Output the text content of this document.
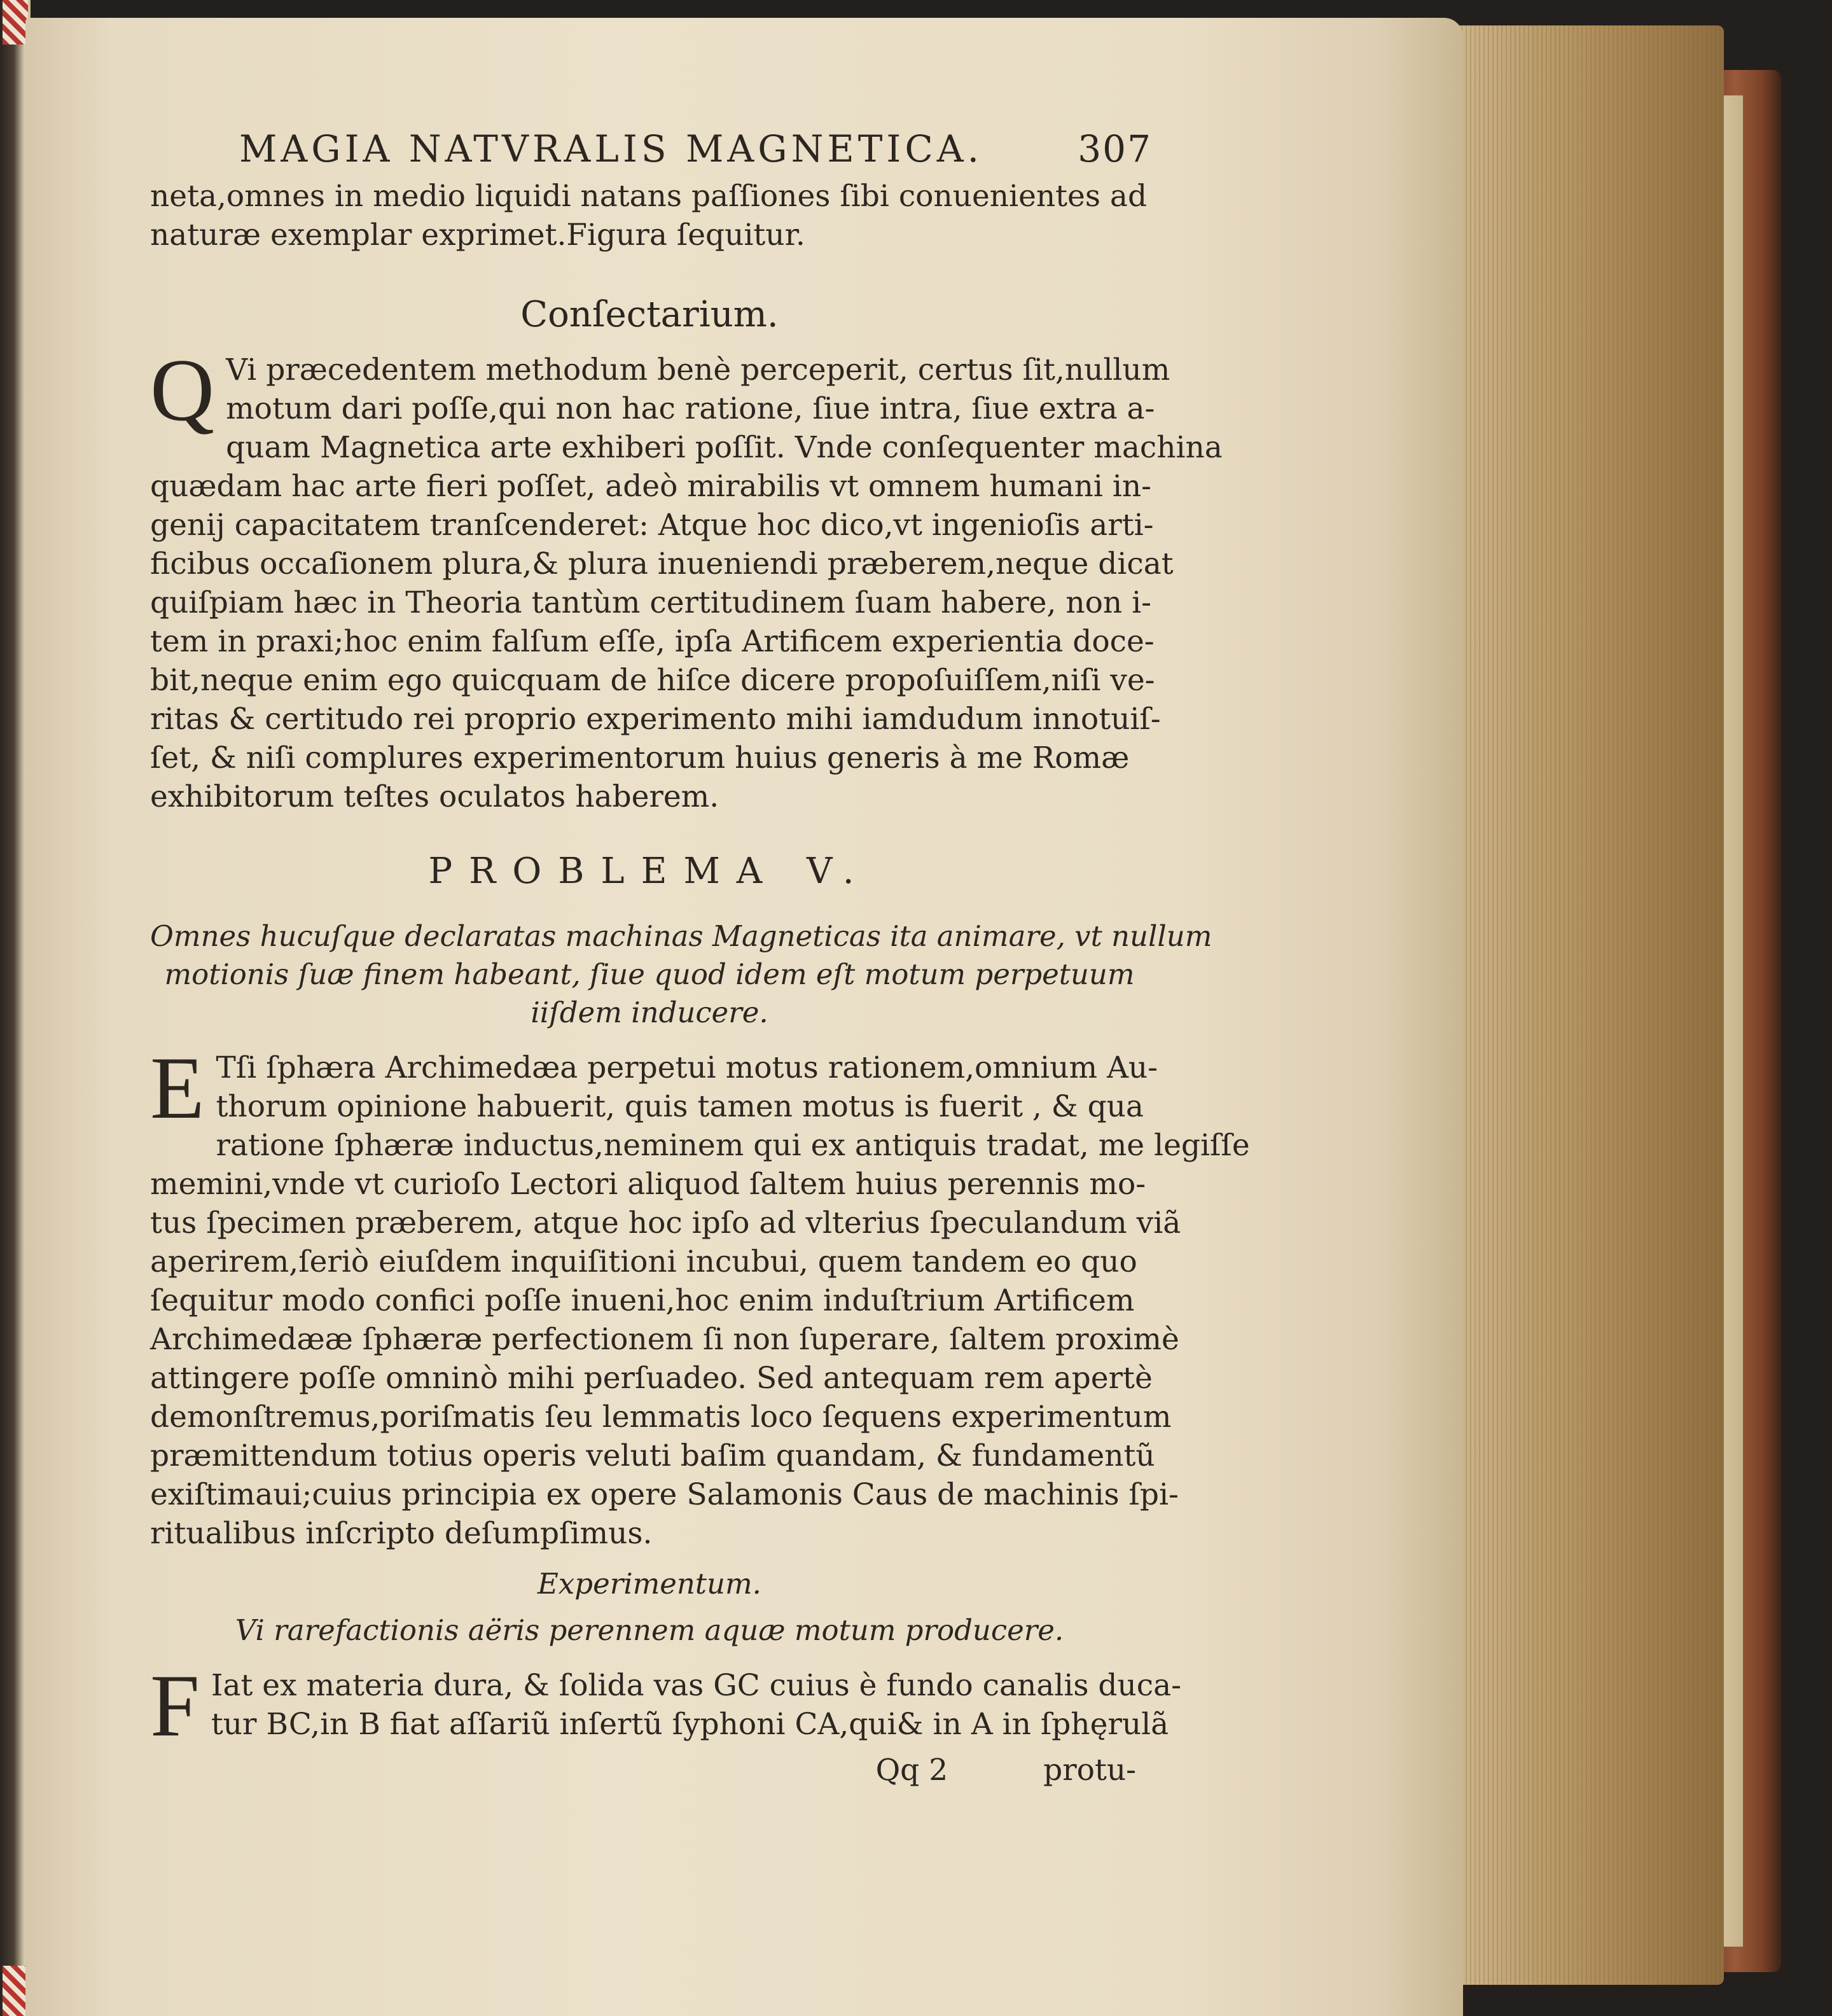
MAGIA NATVRALIS MAGNETICA.	307

neta,omnes in medio liquidi natans paſſiones ſibi conuenientes ad
naturæ exemplar exprimet.Figura ſequitur.

Conſectarium.
Q Vi præcedentem methodum benè perceperit, certus ſit,nullum
motum dari poſſe,qui non hac ratione, ſiue intra, ſiue extra a-
quam Magnetica arte exhiberi poſſit. Vnde conſequenter machina
quædam hac arte fieri poſſet, adeò mirabilis vt omnem humani in-
genij capacitatem tranſcenderet: Atque hoc dico,vt ingenioſis arti-
ficibus occaſionem plura,& plura inueniendi præberem,neque dicat
quiſpiam hæc in Theoria tantùm certitudinem ſuam habere, non i-
tem in praxi;hoc enim falſum eſſe, ipſa Artificem experientia doce-
bit,neque enim ego quicquam de hiſce dicere propoſuiſſem,niſi ve-
ritas & certitudo rei proprio experimento mihi iamdudum innotuiſ-
ſet, & niſi complures experimentorum huius generis à me Romæ
exhibitorum teſtes oculatos haberem.
PROBLEMA V.
Omnes hucuſque declaratas machinas Magneticas ita animare, vt nullum
motionis ſuæ finem habeant, ſiue quod idem eſt motum perpetuum
iiſdem inducere.
E Tſi ſphæra Archimedæa perpetui motus rationem,omnium Au-
thorum opinione habuerit, quis tamen motus is fuerit , & qua
ratione ſphæræ inductus,neminem qui ex antiquis tradat, me legiſſe
memini,vnde vt curioſo Lectori aliquod ſaltem huius perennis mo-
tus ſpecimen præberem, atque hoc ipſo ad vlterius ſpeculandum viã
aperirem,ſeriò eiuſdem inquiſitioni incubui, quem tandem eo quo
ſequitur modo confici poſſe inueni,hoc enim induſtrium Artificem
Archimedææ ſphæræ perfectionem ſi non ſuperare, ſaltem proximè
attingere poſſe omninò mihi perſuadeo. Sed antequam rem apertè
demonſtremus,poriſmatis ſeu lemmatis loco ſequens experimentum
præmittendum totius operis veluti baſim quandam, & fundamentũ
exiſtimaui;cuius principia ex opere Salamonis Caus de machinis ſpi-
ritualibus inſcripto deſumpſimus.
Experimentum.
Vi rarefactionis aëris perennem aquæ motum producere.
F Iat ex materia dura, & ſolida vas GC cuius è fundo canalis duca-
tur BC,in B fiat aſſariũ inſertũ ſyphoni CA,qui& in A in ſphęrulã
Qq 2	protu-
